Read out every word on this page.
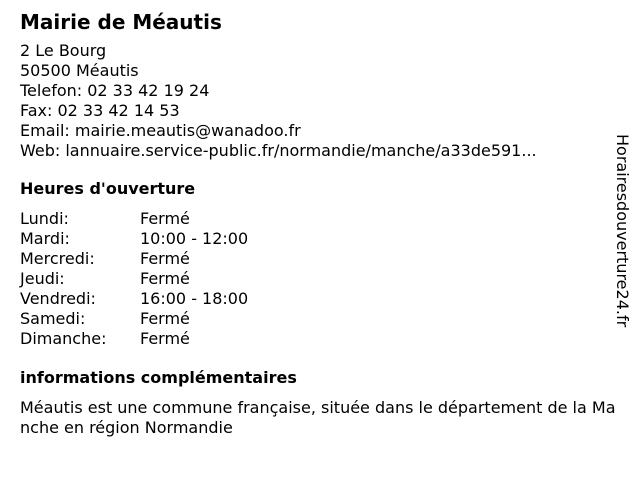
Mairie de Méautis
2 Le Bourg
50500 Méautis
Telefon: 02 33 42 19 24
Fax: 02 33 42 14 53
Email: mairie.meautis@wanadoo.fr
Web: lannuaire.service-public.fr/normandie/manche/a33de591...
Heures d'ouverture
Lundi:	Fermé
Mardi:	10:00 - 12:00
Mercredi:	Fermé
Jeudi:	Fermé
Vendredi:	16:00 - 18:00
Samedi:	Fermé
Dimanche: Fermé
informations complémentaires
Méautis est une commune française, située dans le département de la Manche en région Normandie
Horairesdouverture24.fr
